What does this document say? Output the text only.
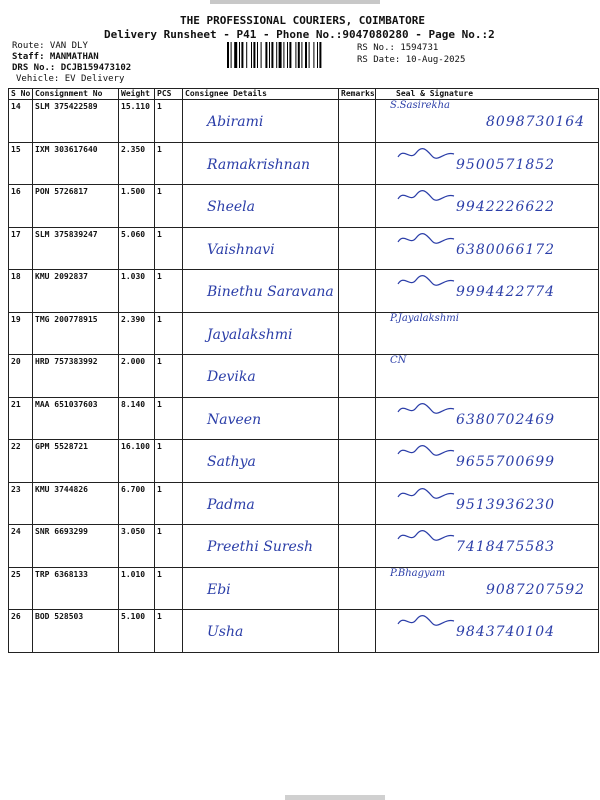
THE PROFESSIONAL COURIERS, COIMBATORE
Delivery Runsheet - P41 - Phone No.:9047080280 - Page No.:2
Route: VAN DLY
Staff: MANMATHAN
DRS No.: DCJB159473102
Vehicle: EV Delivery
RS No.: 1594731
RS Date: 10-Aug-2025
S No	Consignment No	Weight	PCS	Consignee Details	Remarks	Seal & Signature
14	SLM 375422589	15.110	1	Abirami		S.Sasirekha
8098730164

15	IXM 303617640	2.350	1	Ramakrishnan		9500571852

16	PON 5726817	1.500	1	Sheela		9942226622

17	SLM 375839247	5.060	1	Vaishnavi		6380066172

18	KMU 2092837	1.030	1	Binethu Saravana		9994422774

19	TMG 200778915	2.390	1	Jayalakshmi		P.Jayalakshmi

20	HRD 757383992	2.000	1	Devika		CN

21	MAA 651037603	8.140	1	Naveen		6380702469

22	GPM 5528721	16.100	1	Sathya		9655700699

23	KMU 3744826	6.700	1	Padma		9513936230

24	SNR 6693299	3.050	1	Preethi Suresh		7418475583

25	TRP 6368133	1.010	1	Ebi		P.Bhagyam
9087207592

26	BOD 528503	5.100	1	Usha		9843740104
